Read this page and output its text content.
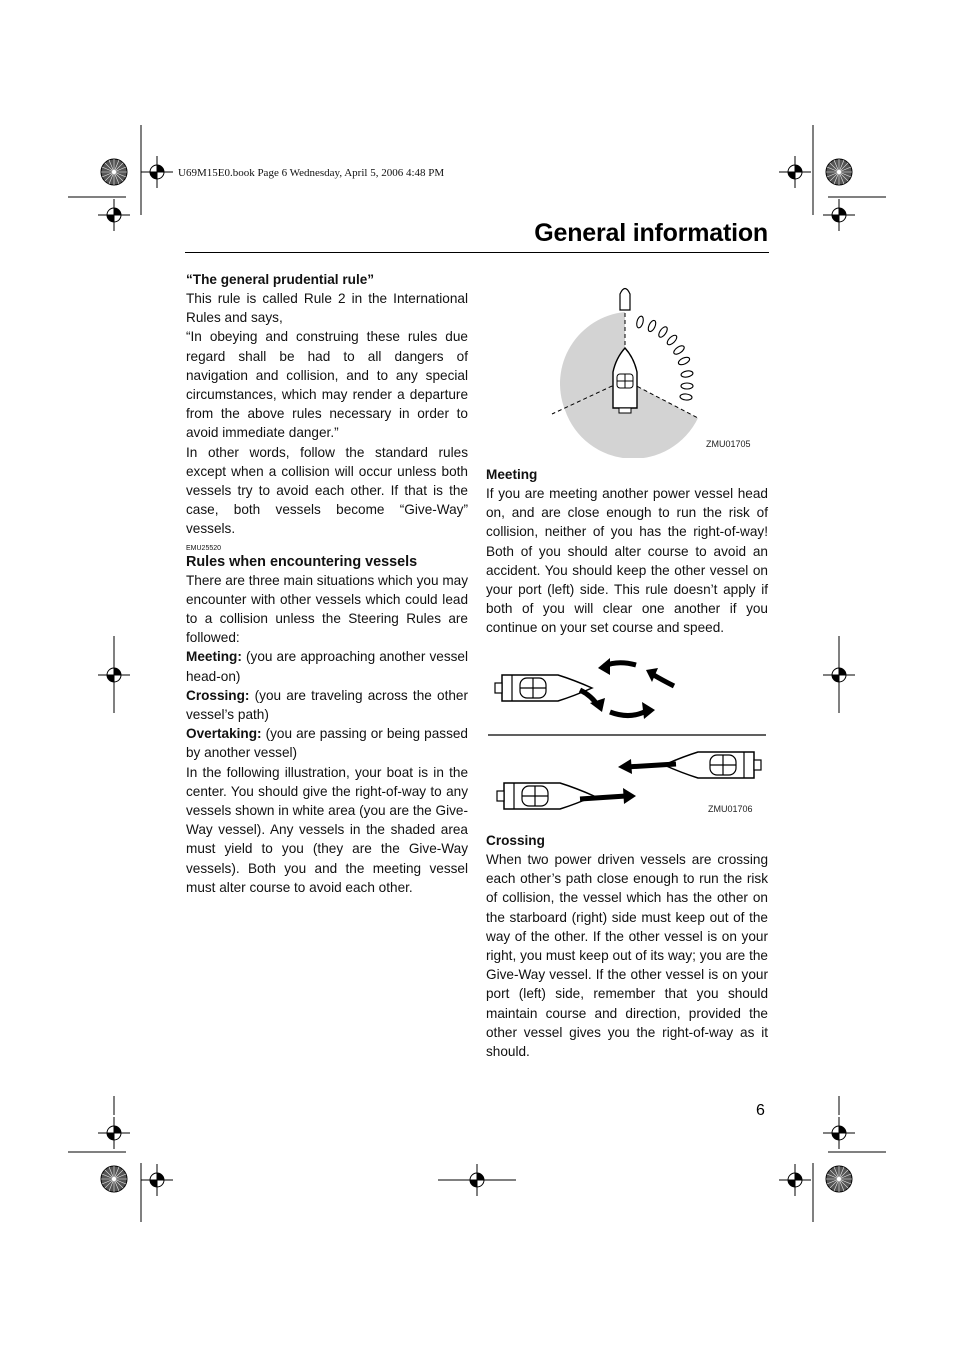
U69M15E0.book Page 6 Wednesday, April 5, 2006 4:48 PM
General information

“The general prudential rule”

This rule is called Rule 2 in the International Rules and says,

“In obeying and construing these rules due regard shall be had to all dangers of navigation and collision, and to any special circumstances, which may render a departure from the above rules necessary in order to avoid immediate danger.”

In other words, follow the standard rules except when a collision will occur unless both vessels try to avoid each other. If that is the case, both vessels become “Give-Way” vessels.

EMU25520

Rules when encountering vessels

There are three main situations which you may encounter with other vessels which could lead to a collision unless the Steering Rules are followed:

Meeting: (you are approaching another vessel head-on)

Crossing: (you are traveling across the other vessel’s path)

Overtaking: (you are passing or being passed by another vessel)

In the following illustration, your boat is in the center. You should give the right-of-way to any vessels shown in white area (you are the Give-Way vessel). Any vessels in the shaded area must yield to you (they are the Give-Way vessels). Both you and the meeting vessel must alter course to avoid each other.

ZMU01705

Meeting

If you are meeting another power vessel head on, and are close enough to run the risk of collision, neither of you has the right-of-way! Both of you should alter course to avoid an accident. You should keep the other vessel on your port (left) side. This rule doesn’t apply if both of you will clear one another if you continue on your set course and speed.

ZMU01706

Crossing

When two power driven vessels are crossing each other’s path close enough to run the risk of collision, the vessel which has the other on the starboard (right) side must keep out of the way of the other. If the other vessel is on your right, you must keep out of its way; you are the Give-Way vessel. If the other vessel is on your port (left) side, remember that you should maintain course and direction, provided the other vessel gives you the right-of-way as it should.

6
